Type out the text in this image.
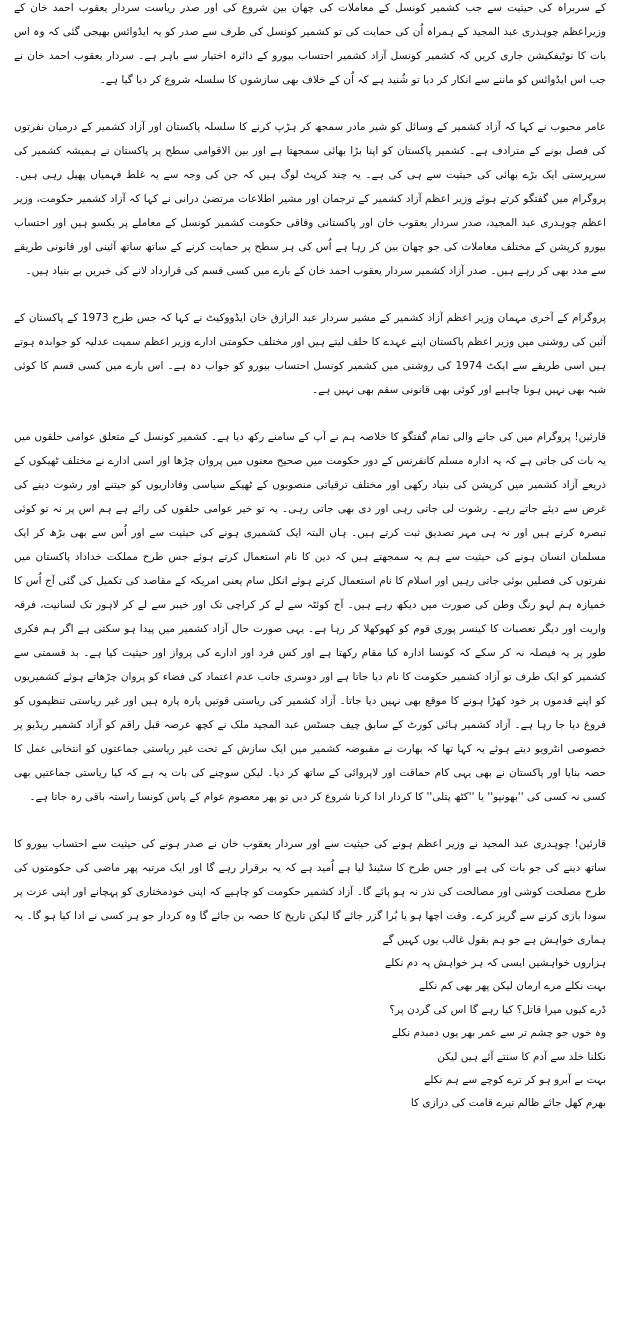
کے سربراہ کی حیثیت سے جب کشمیر کونسل کے معاملات کی چھان بین شروع کی اور صدر ریاست سردار یعقوب احمد خان کے وزیراعظم چوہدری عبد المجید کے ہمراہ اُن کی حمایت کی تو کشمیر کونسل کی طرف سے صدر کو یہ ایڈوائس بھیجی گئی کہ وہ اس بات کا نوٹیفکیشن جاری کریں کہ کشمیر کونسل آزاد کشمیر احتساب بیورو کے دائرہ اختیار سے باہر ہے۔ سردار یعقوب احمد خان نے جب اس ایڈوائس کو ماننے سے انکار کر دیا تو شُنید ہے کہ اُن کے خلاف بھی سازشوں کا سلسلہ شروع کر دیا گیا ہے۔

عامر محبوب نے کہا کہ آزاد کشمیر کے وسائل کو شیر مادر سمجھ کر ہڑپ کرنے کا سلسلہ پاکستان اور آزاد کشمیر کے درمیان نفرتوں کی فصل بونے کے مترادف ہے۔ کشمیر پاکستان کو اپنا بڑا بھائی سمجھتا ہے اور بین الاقوامی سطح پر پاکستان نے ہمیشہ کشمیر کی سرپرستی ایک بڑے بھائی کی حیثیت سے ہی کی ہے۔ یہ چند کرپٹ لوگ ہیں کہ جن کی وجہ سے یہ غلط فہمیاں پھیل رہی ہیں۔ پروگرام میں گفتگو کرتے ہوئے وزیر اعظم آزاد کشمیر کے ترجمان اور مشیر اطلاعات مرتضیٰ درانی نے کہا کہ آزاد کشمیر حکومت، وزیر اعظم چوہدری عبد المجید، صدر سردار یعقوب خان اور پاکستانی وفاقی حکومت کشمیر کونسل کے معاملے پر یکسو ہیں اور احتساب بیورو کرپشن کے مختلف معاملات کی جو چھان بین کر رہا ہے اُس کی ہر سطح پر حمایت کرنے کے ساتھ ساتھ آئینی اور قانونی طریقے سے مدد بھی کر رہے ہیں۔ صدر آزاد کشمیر سردار یعقوب احمد خان کے بارے میں کسی قسم کی قرارداد لانے کی خبریں بے بنیاد ہیں۔

پروگرام کے آخری مہمان وزیر اعظم آزاد کشمیر کے مشیر سردار عبد الرازق خان ایڈووکیٹ نے کہا کہ جس طرح 1973 کے پاکستان کے آئین کی روشنی میں وزیر اعظم پاکستان اپنے عہدے کا حلف لیتے ہیں اور مختلف حکومتی ادارے وزیر اعظم سمیت عدلیہ کو جوابدہ ہوتے ہیں اسی طریقے سے ایکٹ 1974 کی روشنی میں کشمیر کونسل احتساب بیورو کو جواب دہ ہے۔ اس بارے میں کسی قسم کا کوئی شبہ بھی نہیں ہونا چاہیے اور کوئی بھی قانونی سقم بھی نہیں ہے۔

قارئین! پروگرام میں کی جانے والی تمام گفتگو کا خلاصہ ہم نے آپ کے سامنے رکھ دیا ہے۔ کشمیر کونسل کے متعلق عوامی حلقوں میں یہ بات کی جاتی ہے کہ یہ ادارہ مسلم کانفرنس کے دور حکومت میں صحیح معنوں میں پروان چڑھا اور اسی ادارے نے مختلف ٹھیکوں کے ذریعے آزاد کشمیر میں کرپشن کی بنیاد رکھی اور مختلف ترقیاتی منصوبوں کے ٹھیکے سیاسی وفاداریوں کو جیتنے اور رشوت دینے کی غرض سے دیئے جاتے رہے۔ رشوت لی جاتی رہی اور دی بھی جاتی رہی۔ یہ تو خیر عوامی حلقوں کی رائے ہے ہم اس پر نہ تو کوئی تبصرہ کرتے ہیں اور نہ ہی مہر تصدیق ثبت کرتے ہیں۔ ہاں البتہ ایک کشمیری ہونے کی حیثیت سے اور اُس سے بھی بڑھ کر ایک مسلمان انسان ہونے کی حیثیت سے ہم یہ سمجھتے ہیں کہ دین کا نام استعمال کرتے ہوئے جس طرح مملکت خداداد پاکستان میں نفرتوں کی فصلیں بوئی جاتی رہیں اور اسلام کا نام استعمال کرتے ہوئے انکل سام یعنی امریکہ کے مقاصد کی تکمیل کی گئی آج اُس کا خمیازہ ہم لہو رنگ وطن کی صورت میں دیکھ رہے ہیں۔ آج کوئٹہ سے لے کر کراچی تک اور خیبر سے لے کر لاہور تک لسانیت، فرقہ واریت اور دیگر تعصبات کا کینسر پوری قوم کو کھوکھلا کر رہا ہے۔ یہی صورت حال آزاد کشمیر میں پیدا ہو سکتی ہے اگر ہم فکری طور پر یہ فیصلہ نہ کر سکے کہ کونسا ادارہ کیا مقام رکھتا ہے اور کس فرد اور ادارے کی پرواز اور حیثیت کیا ہے۔ بد قسمتی سے کشمیر کو ایک طرف تو آزاد کشمیر حکومت کا نام دیا جاتا ہے اور دوسری جانب عدم اعتماد کی فضاء کو پروان چڑھاتے ہوئے کشمیریوں کو اپنے قدموں پر خود کھڑا ہونے کا موقع بھی نہیں دیا جاتا۔ آزاد کشمیر کی ریاستی قوتیں پارہ پارہ ہیں اور غیر ریاستی تنظیموں کو فروغ دیا جا رہا ہے۔ آزاد کشمیر ہائی کورٹ کے سابق چیف جسٹس عبد المجید ملک نے کچھ عرصہ قبل راقم کو آزاد کشمیر ریڈیو پر خصوصی انٹرویو دیتے ہوئے یہ کہا تھا کہ بھارت نے مقبوضہ کشمیر میں ایک سازش کے تحت غیر ریاستی جماعتوں کو انتخابی عمل کا حصہ بنایا اور پاکستان نے بھی یہی کام حماقت اور لاپروائی کے ساتھ کر دیا۔ لیکن سوچنے کی بات یہ ہے کہ کیا ریاستی جماعتیں بھی کسی نہ کسی کی ''بھونپو'' یا ''کٹھ پتلی'' کا کردار ادا کرنا شروع کر دیں تو پھر معصوم عوام کے پاس کونسا راستہ باقی رہ جاتا ہے۔

قارئین! چوہدری عبد المجید نے وزیر اعظم ہونے کی حیثیت سے اور سردار یعقوب خان نے صدر ہونے کی حیثیت سے احتساب بیورو کا ساتھ دینے کی جو بات کی ہے اور جس طرح کا سٹینڈ لیا ہے اُمید ہے کہ یہ برقرار رہے گا اور ایک مرتبہ پھر ماضی کی حکومتوں کی طرح مصلحت کوشی اور مصالحت کی نذر نہ ہو پائے گا۔ آزاد کشمیر حکومت کو چاہیے کہ اپنی خودمختاری کو پہچانے اور اپنی عزت پر سودا بازی کرنے سے گریز کرے۔ وقت اچھا ہو یا بُرا گزر جائے گا لیکن تاریخ کا حصہ بن جائے گا وہ کردار جو ہر کسی نے ادا کیا ہو گا۔ یہ ہماری خواہش ہے جو ہم بقول غالب یوں کہیں گے

ہزاروں خواہشیں ایسی کہ ہر خواہش پہ دم نکلے
بہت نکلے مرے ارمان لیکن پھر بھی کم نکلے
ڈرے کیوں میرا قاتل؟ کیا رہے گا اس کی گردن پر؟
وہ خوں جو چشم تر سے عمر بھر یوں دمبدم نکلے
نکلنا خلد سے آدم کا سنتے آئے ہیں لیکن
بہت بے آبرو ہو کر ترے کوچے سے ہم نکلے
بھرم کھل جائے ظالم تیرے قامت کی درازی کا
